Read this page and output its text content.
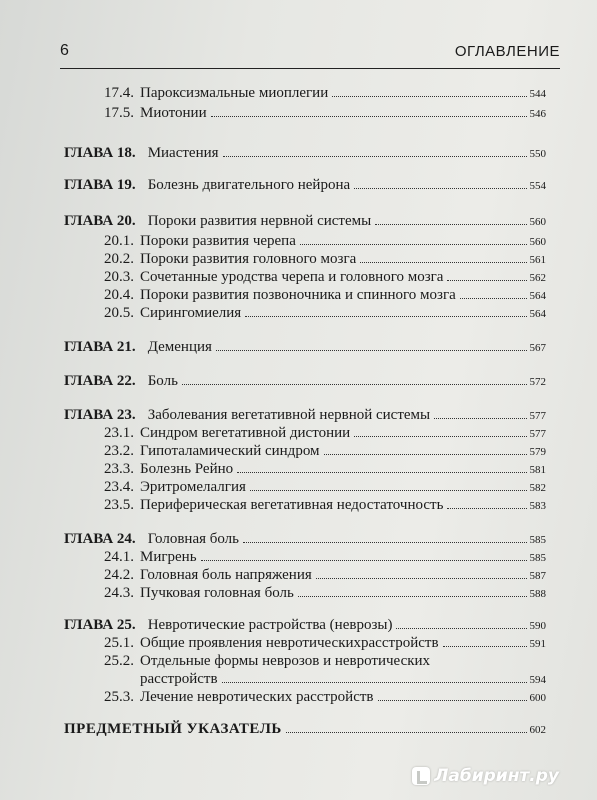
6	ОГЛАВЛЕНИЕ
17.4. Пароксизмальные миоплегии	544
17.5. Миотонии	546
ГЛАВА 18. Миастения	550
ГЛАВА 19. Болезнь двигательного нейрона	554
ГЛАВА 20. Пороки развития нервной системы	560
20.1. Пороки развития черепа	560
20.2. Пороки развития головного мозга	561
20.3. Сочетанные уродства черепа и головного мозга	562
20.4. Пороки развития позвоночника и спинного мозга	564
20.5. Сирингомиелия	564
ГЛАВА 21. Деменция	567
ГЛАВА 22. Боль	572
ГЛАВА 23. Заболевания вегетативной нервной системы	577
23.1. Синдром вегетативной дистонии	577
23.2. Гипоталамический синдром	579
23.3. Болезнь Рейно	581
23.4. Эритромелалгия	582
23.5. Периферическая вегетативная недостаточность	583
ГЛАВА 24. Головная боль	585
24.1. Мигрень	585
24.2. Головная боль напряжения	587
24.3. Пучковая головная боль	588
ГЛАВА 25. Невротические растройства (неврозы)	590
25.1. Общие проявления невротическихрасстройств	591
25.2. Отдельные формы неврозов и невротических
расстройств	594
25.3. Лечение невротических расстройств	600
ПРЕДМЕТНЫЙ УКАЗАТЕЛЬ	602
Лабиринт.ру
